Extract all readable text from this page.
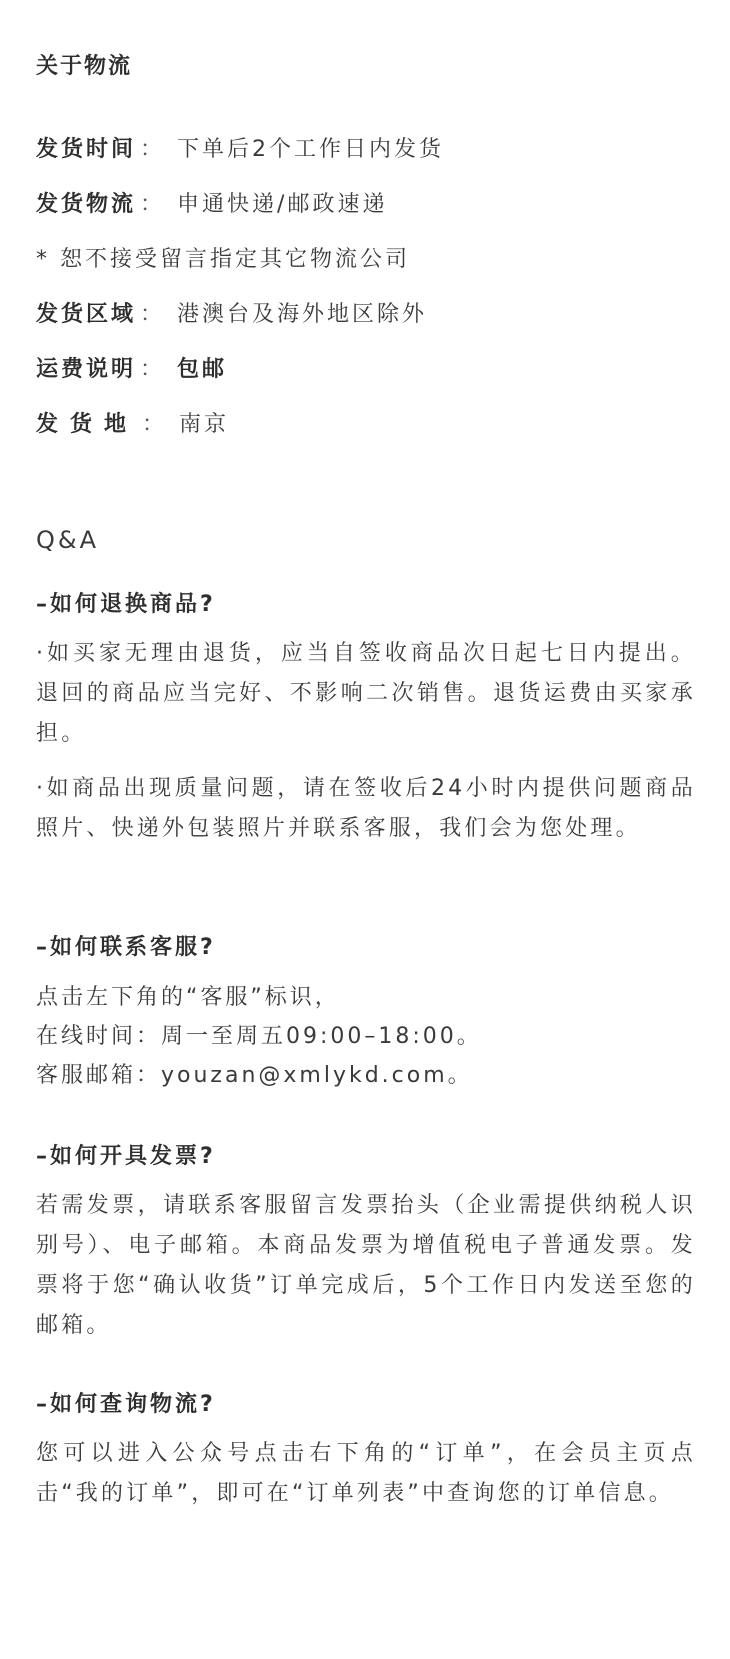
关于物流
发货时间 ： 下单后2个工作日内发货
发货物流 ： 申通快递/邮政速递
* 恕不接受留言指定其它物流公司
发货区域 ： 港澳台及海外地区除外
运费说明 ： 包邮
发货地 ： 南京
Q&A
–如何退换商品?
·如买家无理由退货，应当自签收商品次日起七日内提出。退回的商品应当完好、不影响二次销售。退货运费由买家承担。
·如商品出现质量问题，请在签收后24小时内提供问题商品照片、快递外包装照片并联系客服，我们会为您处理。
–如何联系客服?
点击左下角的“客服”标识，
在线时间：周一至周五09:00–18:00。
客服邮箱：youzan@xmlykd.com。
–如何开具发票?
若需发票，请联系客服留言发票抬头（企业需提供纳税人识别号）、电子邮箱。本商品发票为增值税电子普通发票。发票将于您“确认收货”订单完成后，5个工作日内发送至您的邮箱。
–如何查询物流?
您可以进入公众号点击右下角的“订单”，在会员主页点击“我的订单”，即可在“订单列表”中查询您的订单信息。
